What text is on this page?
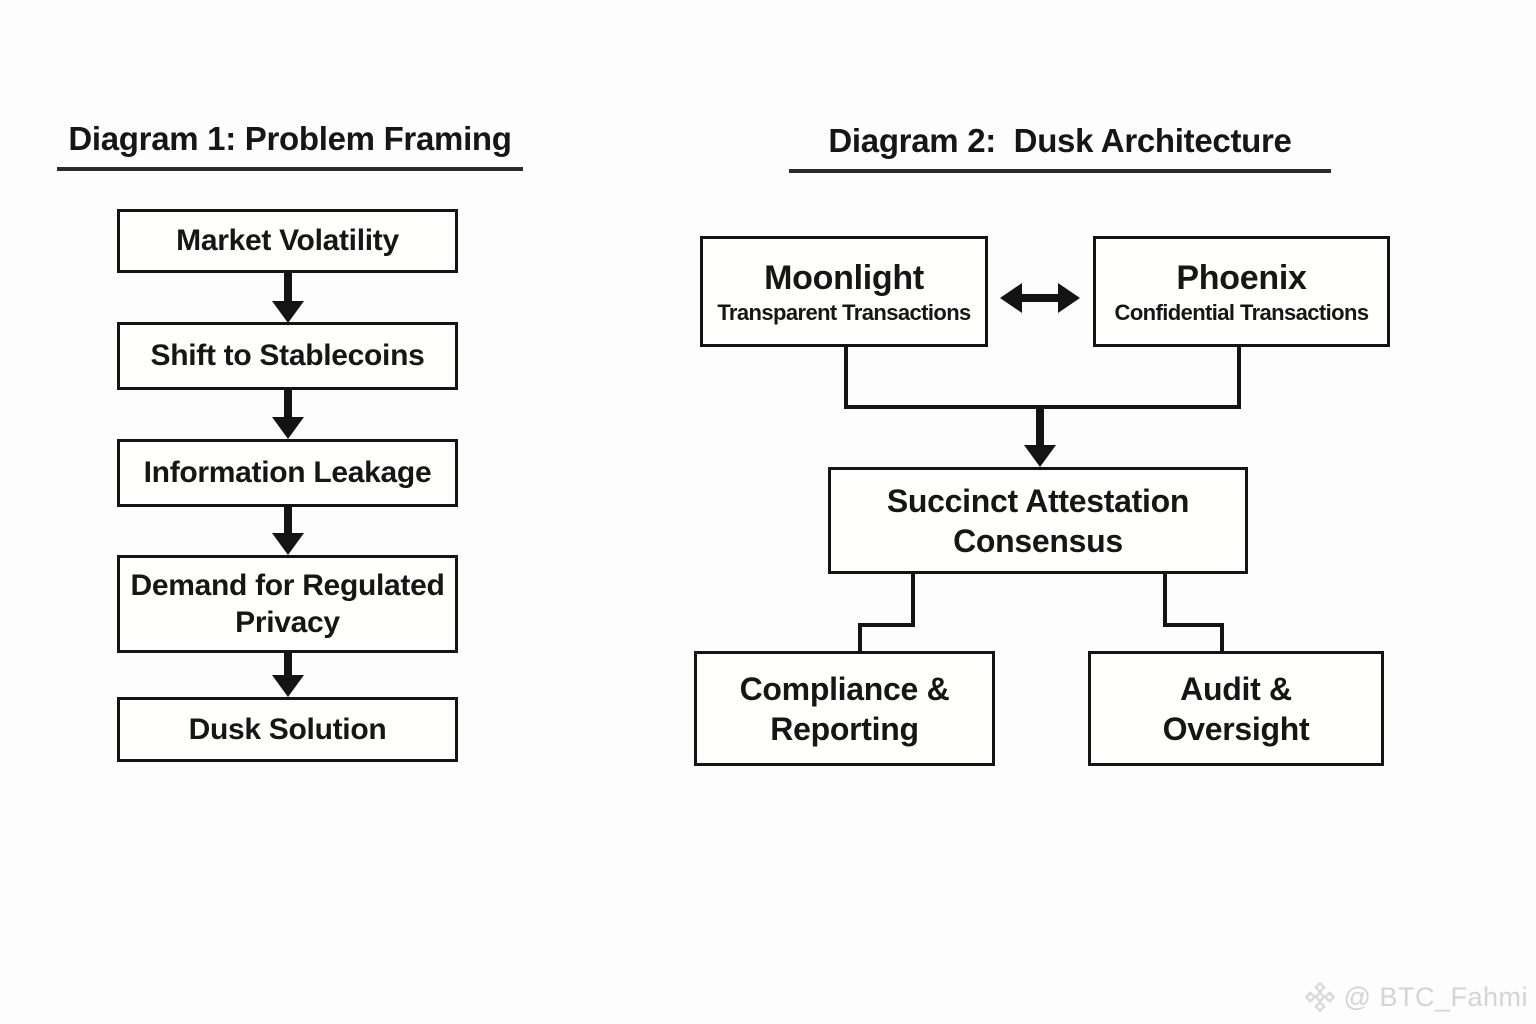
Diagram 1: Problem Framing
Market Volatility
Shift to Stablecoins
Information Leakage
Demand for Regulated Privacy
Dusk Solution
Diagram 2:  Dusk Architecture
Moonlight
Transparent Transactions
Phoenix
Confidential Transactions
Succinct Attestation
Consensus
Compliance &
Reporting
Audit &
Oversight
@ BTC_Fahmi
